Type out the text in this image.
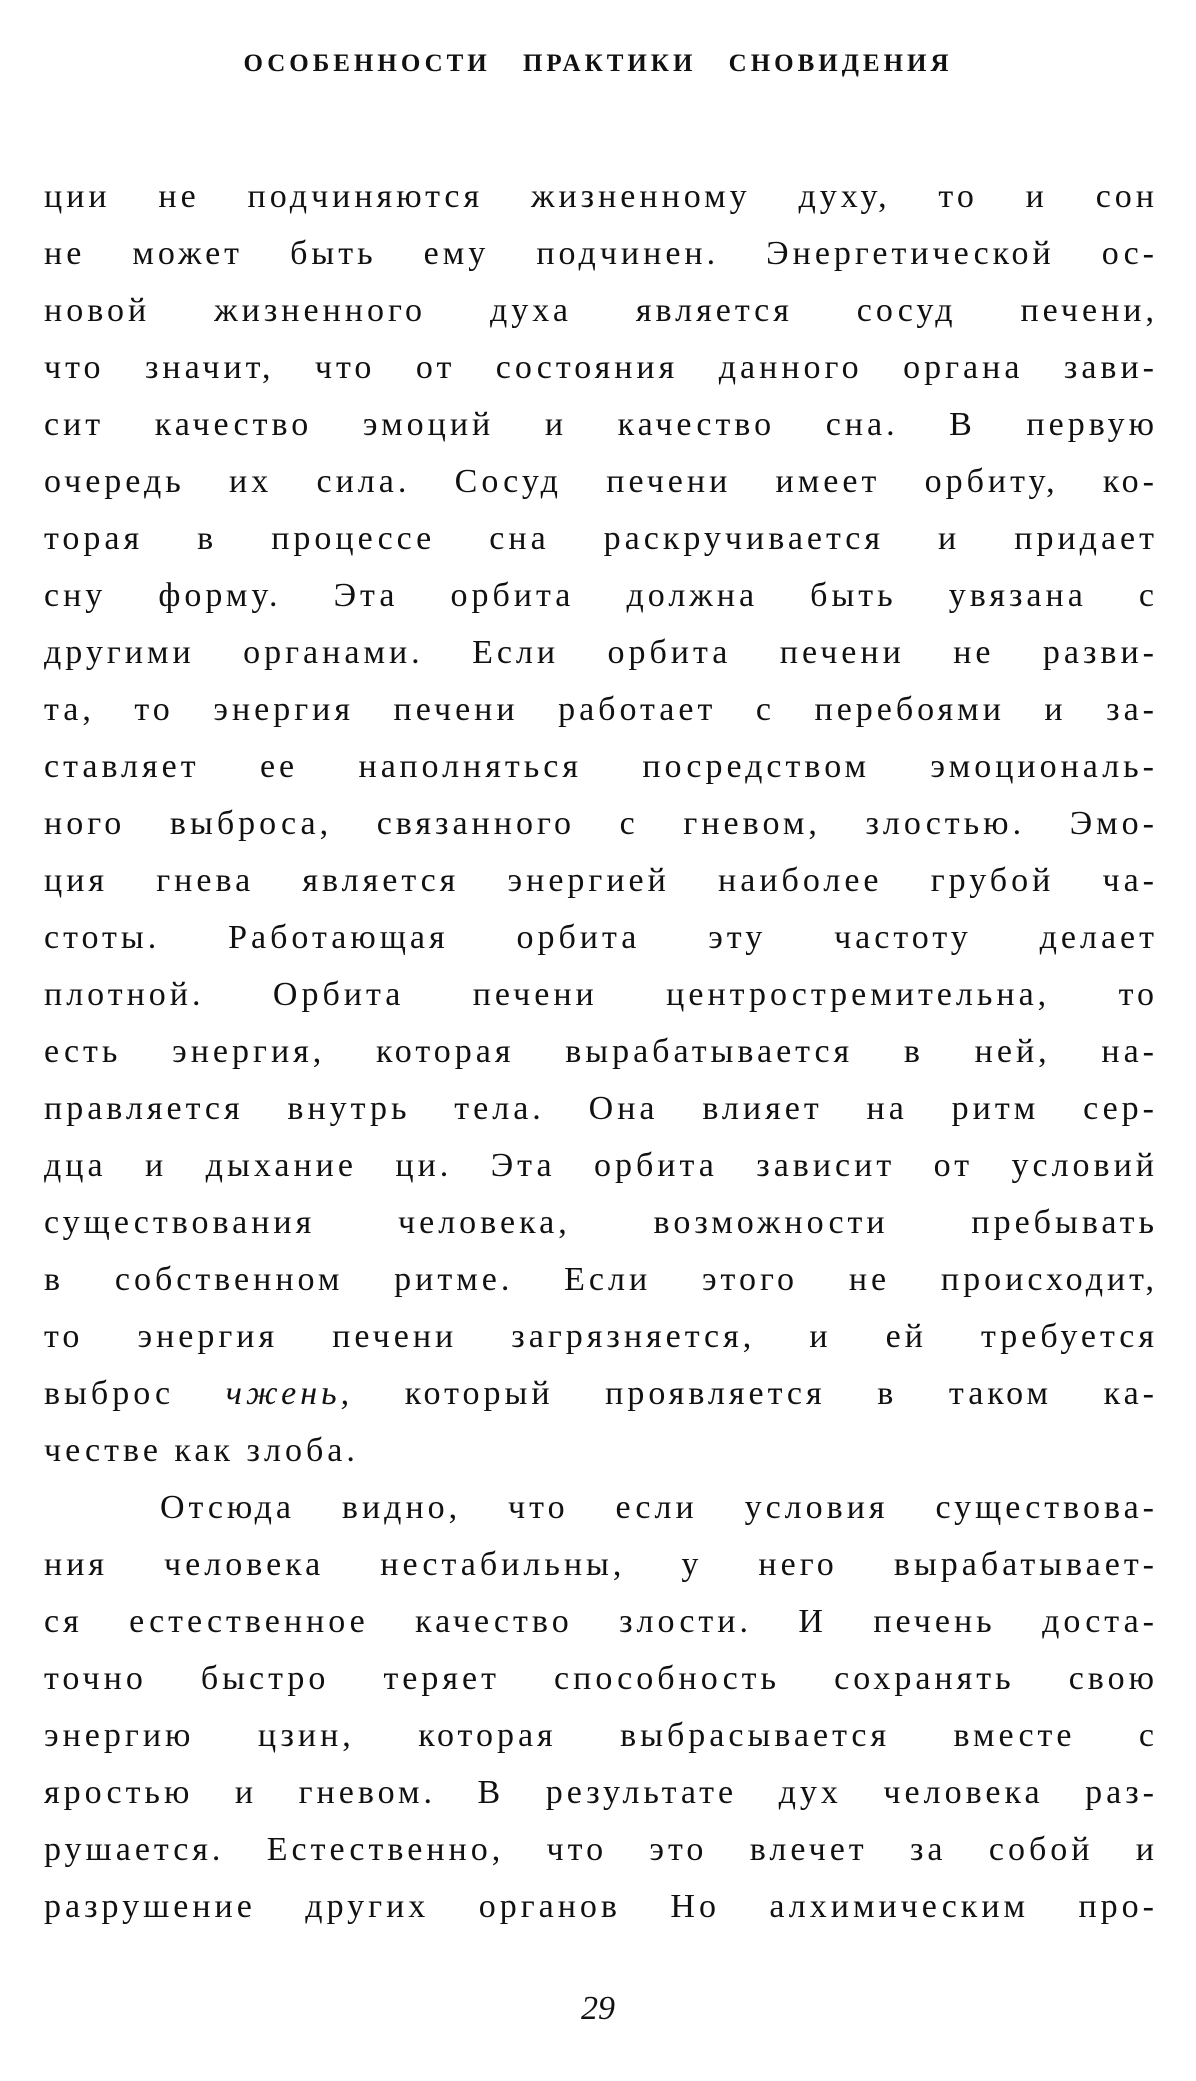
ОСОБЕННОСТИ ПРАКТИКИ СНОВИДЕНИЯ
ции не подчиняются жизненному духу, то и сон
не может быть ему подчинен. Энергетической ос-
новой жизненного духа является сосуд печени,
что значит, что от состояния данного органа зави-
сит качество эмоций и качество сна. В первую
очередь их сила. Сосуд печени имеет орбиту, ко-
торая в процессе сна раскручивается и придает
сну форму. Эта орбита должна быть увязана с
другими органами. Если орбита печени не разви-
та, то энергия печени работает с перебоями и за-
ставляет ее наполняться посредством эмоциональ-
ного выброса, связанного с гневом, злостью. Эмо-
ция гнева является энергией наиболее грубой ча-
стоты. Работающая орбита эту частоту делает
плотной. Орбита печени центростремительна, то
есть энергия, которая вырабатывается в ней, на-
правляется внутрь тела. Она влияет на ритм сер-
дца и дыхание ци. Эта орбита зависит от условий
существования человека, возможности пребывать
в собственном ритме. Если этого не происходит,
то энергия печени загрязняется, и ей требуется
выброс чжень, который проявляется в таком ка-
честве как злоба.
Отсюда видно, что если условия существова-
ния человека нестабильны, у него вырабатывает-
ся естественное качество злости. И печень доста-
точно быстро теряет способность сохранять свою
энергию цзин, которая выбрасывается вместе с
яростью и гневом. В результате дух человека раз-
рушается. Естественно, что это влечет за собой и
разрушение других органов Но алхимическим про-
29
